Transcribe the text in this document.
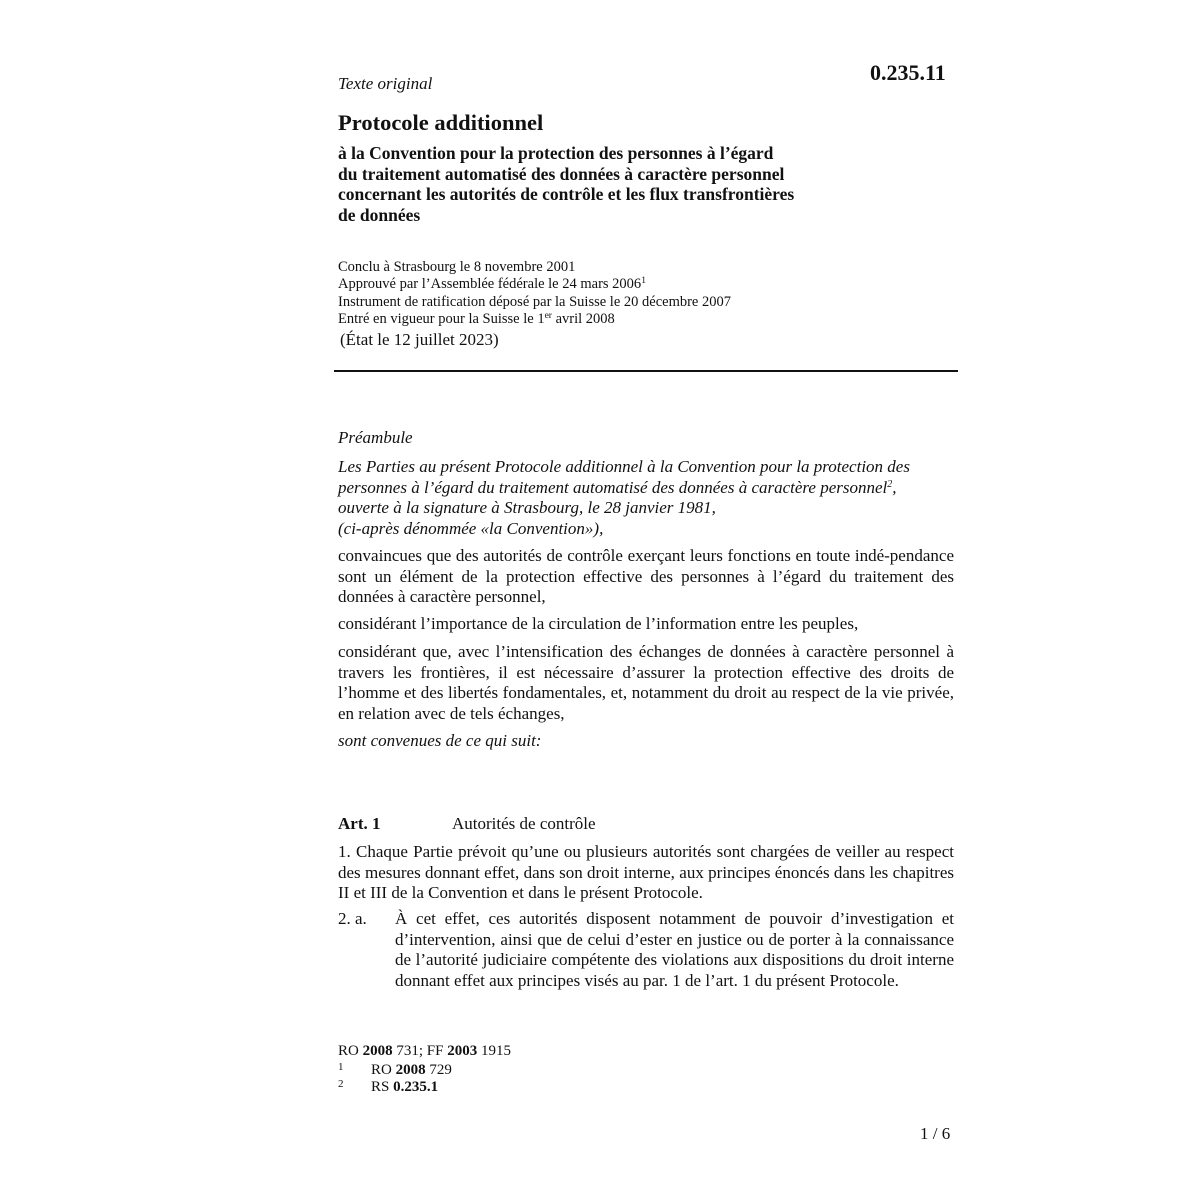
Texte original	0.235.11
Protocole additionnel
à la Convention pour la protection des personnes à l’égard
du traitement automatisé des données à caractère personnel
concernant les autorités de contrôle et les flux transfrontières
de données
Conclu à Strasbourg le 8 novembre 2001
Approuvé par l’Assemblée fédérale le 24 mars 2006$^1$
Instrument de ratification déposé par la Suisse le 20 décembre 2007
Entré en vigueur pour la Suisse le 1er avril 2008
(État le 12 juillet 2023)
Préambule
Les Parties au présent Protocole additionnel à la Convention pour la protection des
personnes à l’égard du traitement automatisé des données à caractère personnel$^2$,
ouverte à la signature à Strasbourg, le 28 janvier 1981,
(ci-après dénommée «la Convention»),
convaincues que des autorités de contrôle exerçant leurs fonctions en toute indé-pendance sont un élément de la protection effective des personnes à l’égard du traitement des données à caractère personnel,
considérant l’importance de la circulation de l’information entre les peuples,
considérant que, avec l’intensification des échanges de données à caractère personnel à travers les frontières, il est nécessaire d’assurer la protection effective des droits de l’homme et des libertés fondamentales, et, notamment du droit au respect de la vie privée, en relation avec de tels échanges,
sont convenues de ce qui suit:
Art. 1	Autorités de contrôle
1. Chaque Partie prévoit qu’une ou plusieurs autorités sont chargées de veiller au respect des mesures donnant effet, dans son droit interne, aux principes énoncés dans les chapitres II et III de la Convention et dans le présent Protocole.
2. a. À cet effet, ces autorités disposent notamment de pouvoir d’investigation et d’intervention, ainsi que de celui d’ester en justice ou de porter à la connaissance de l’autorité judiciaire compétente des violations aux dispositions du droit interne donnant effet aux principes visés au par. 1 de l’art. 1 du présent Protocole.
RO 2008 731; FF 2003 1915
1 RO 2008 729
2 RS 0.235.1
1 / 6
